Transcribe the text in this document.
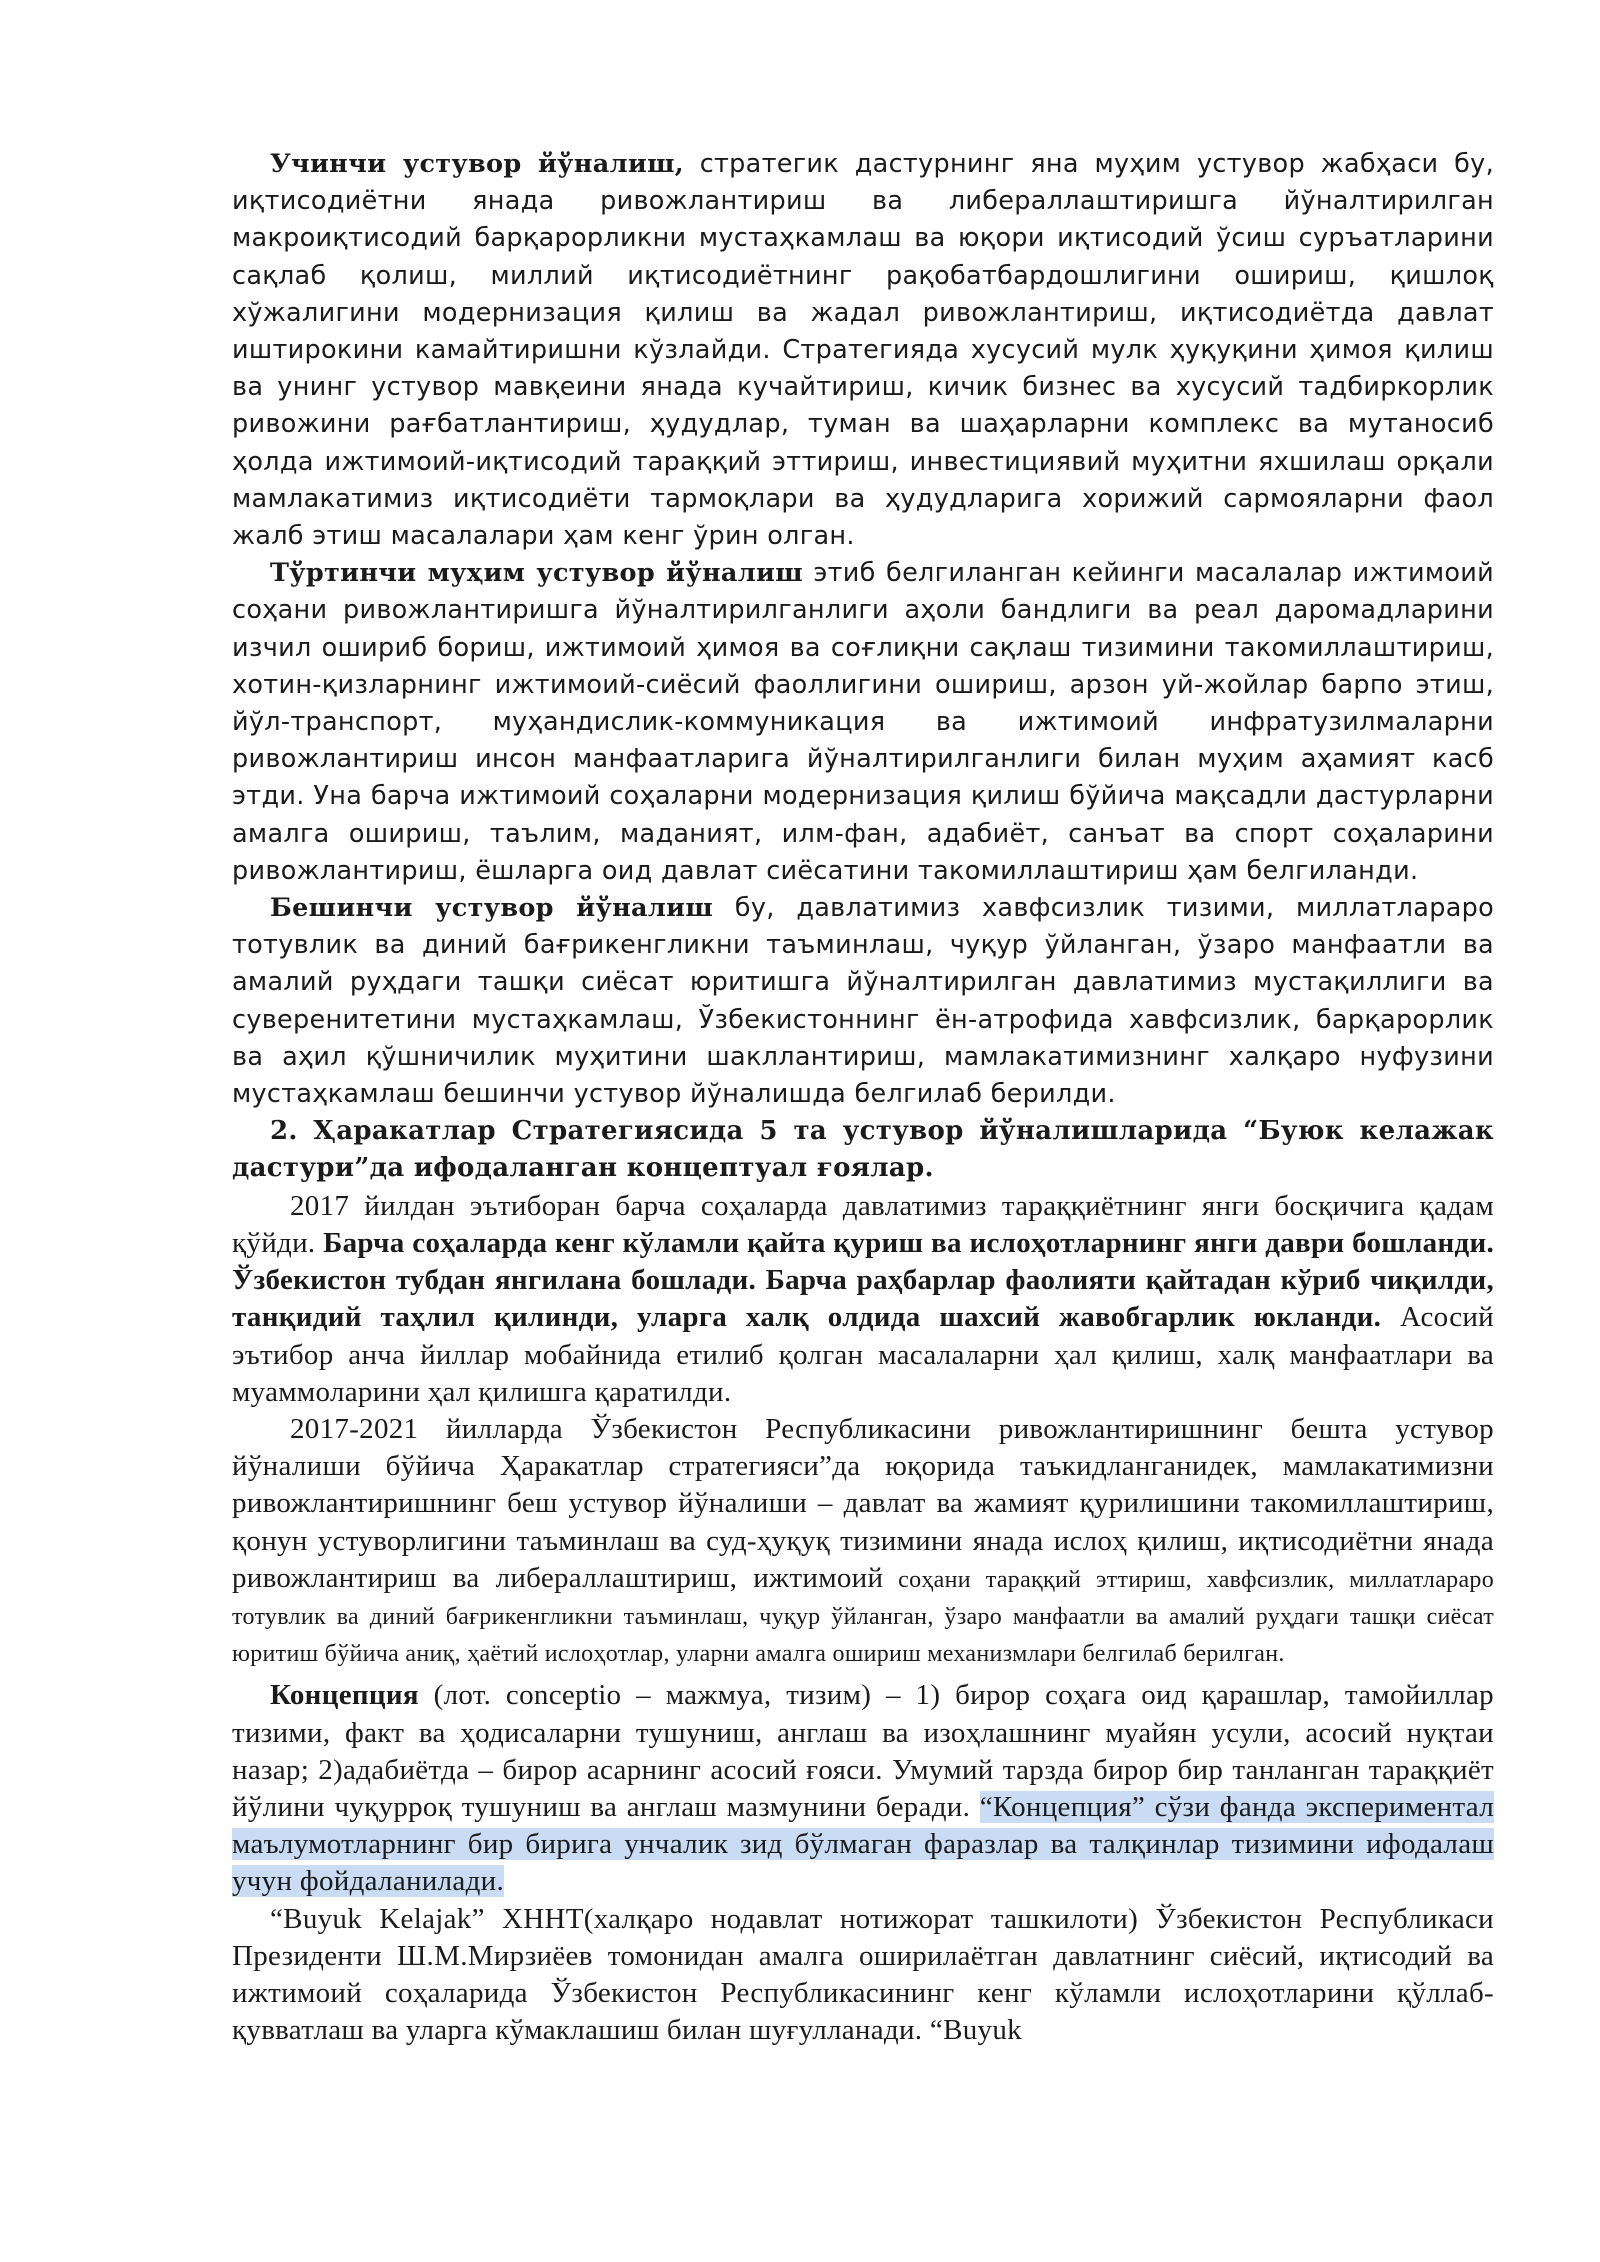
Учинчи устувор йўналиш, стратегик дастурнинг яна муҳим устувор жабҳаси бу, иқтисодиётни янада ривожлантириш ва либераллаштиришга йўналтирилган макроиқтисодий барқарорликни мустаҳкамлаш ва юқори иқтисодий ўсиш суръатларини сақлаб қолиш, миллий иқтисодиётнинг рақобатбардошлигини ошириш, қишлоқ хўжалигини модернизация қилиш ва жадал ривожлантириш, иқтисодиётда давлат иштирокини камайтиришни кўзлайди. Стратегияда хусусий мулк ҳуқуқини ҳимоя қилиш ва унинг устувор мавқеини янада кучайтириш, кичик бизнес ва хусусий тадбиркорлик ривожини рағбатлантириш, ҳудудлар, туман ва шаҳарларни комплекс ва мутаносиб ҳолда ижтимоий-иқтисодий тараққий эттириш, инвестициявий муҳитни яхшилаш орқали мамлакатимиз иқтисодиёти тармоқлари ва ҳудудларига хорижий сармояларни фаол жалб этиш масалалари ҳам кенг ўрин олган.

Тўртинчи муҳим устувор йўналиш этиб белгиланган кейинги масалалар ижтимоий соҳани ривожлантиришга йўналтирилганлиги аҳоли бандлиги ва реал даромадларини изчил ошириб бориш, ижтимоий ҳимоя ва соғлиқни сақлаш тизимини такомиллаштириш, хотин-қизларнинг ижтимоий-сиёсий фаоллигини ошириш, арзон уй-жойлар барпо этиш, йўл-транспорт, муҳандислик-коммуникация ва ижтимоий инфратузилмаларни ривожлантириш инсон манфаатларига йўналтирилганлиги билан муҳим аҳамият касб этди. Уна барча ижтимоий соҳаларни модернизация қилиш бўйича мақсадли дастурларни амалга ошириш, таълим, маданият, илм-фан, адабиёт, санъат ва спорт соҳаларини ривожлантириш, ёшларга оид давлат сиёсатини такомиллаштириш ҳам белгиланди.

Бешинчи устувор йўналиш бу, давлатимиз хавфсизлик тизими, миллатлараро тотувлик ва диний бағрикенгликни таъминлаш, чуқур ўйланган, ўзаро манфаатли ва амалий руҳдаги ташқи сиёсат юритишга йўналтирилган давлатимиз мустақиллиги ва суверенитетини мустаҳкамлаш, Ўзбекистоннинг ён-атрофида хавфсизлик, барқарорлик ва аҳил қўшничилик муҳитини шакллантириш, мамлакатимизнинг халқаро нуфузини мустаҳкамлаш бешинчи устувор йўналишда белгилаб берилди.

2. Ҳаракатлар Стратегиясида 5 та устувор йўналишларида “Буюк келажак дастури”да ифодаланган концептуал ғоялар.

2017 йилдан эътиборан барча соҳаларда давлатимиз тараққиётнинг янги босқичига қадам қўйди. Барча соҳаларда кенг кўламли қайта қуриш ва ислоҳотларнинг янги даври бошланди. Ўзбекистон тубдан янгилана бошлади. Барча раҳбарлар фаолияти қайтадан кўриб чиқилди, танқидий таҳлил қилинди, уларга халқ олдида шахсий жавобгарлик юкланди. Асосий эътибор анча йиллар мобайнида етилиб қолган масалаларни ҳал қилиш, халқ манфаатлари ва муаммоларини ҳал қилишга қаратилди.

2017-2021 йилларда Ўзбекистон Республикасини ривожлантиришнинг бешта устувор йўналиши бўйича Ҳаракатлар стратегияси”да юқорида таъкидланганидек, мамлакатимизни ривожлантиришнинг беш устувор йўналиши – давлат ва жамият қурилишини такомиллаштириш, қонун устуворлигини таъминлаш ва суд-ҳуқуқ тизимини янада ислоҳ қилиш, иқтисодиётни янада ривожлантириш ва либераллаштириш, ижтимоий соҳани тараққий эттириш, хавфсизлик, миллатлараро тотувлик ва диний бағрикенгликни таъминлаш, чуқур ўйланган, ўзаро манфаатли ва амалий руҳдаги ташқи сиёсат юритиш бўйича аниқ, ҳаётий ислоҳотлар, уларни амалга ошириш механизмлари белгилаб берилган.

Концепция (лот. conceptio – мажмуа, тизим) – 1) бирор соҳага оид қарашлар, тамойиллар тизими, факт ва ҳодисаларни тушуниш, англаш ва изоҳлашнинг муайян усули, асосий нуқтаи назар; 2)адабиётда – бирор асарнинг асосий ғояси. Умумий тарзда бирор бир танланган тараққиёт йўлини чуқурроқ тушуниш ва англаш мазмунини беради. “Концепция” сўзи фанда экспериментал маълумотларнинг бир бирига унчалик зид бўлмаган фаразлар ва талқинлар тизимини ифодалаш учун фойдаланилади.

“Buyuk Kelajak” ХННТ(халқаро нодавлат нотижорат ташкилоти) Ўзбекистон Республикаси Президенти Ш.М.Мирзиёев томонидан амалга оширилаётган давлатнинг сиёсий, иқтисодий ва ижтимоий соҳаларида Ўзбекистон Республикасининг кенг кўламли ислоҳотларини қўллаб-қувватлаш ва уларга кўмаклашиш билан шуғулланади. “Buyuk
